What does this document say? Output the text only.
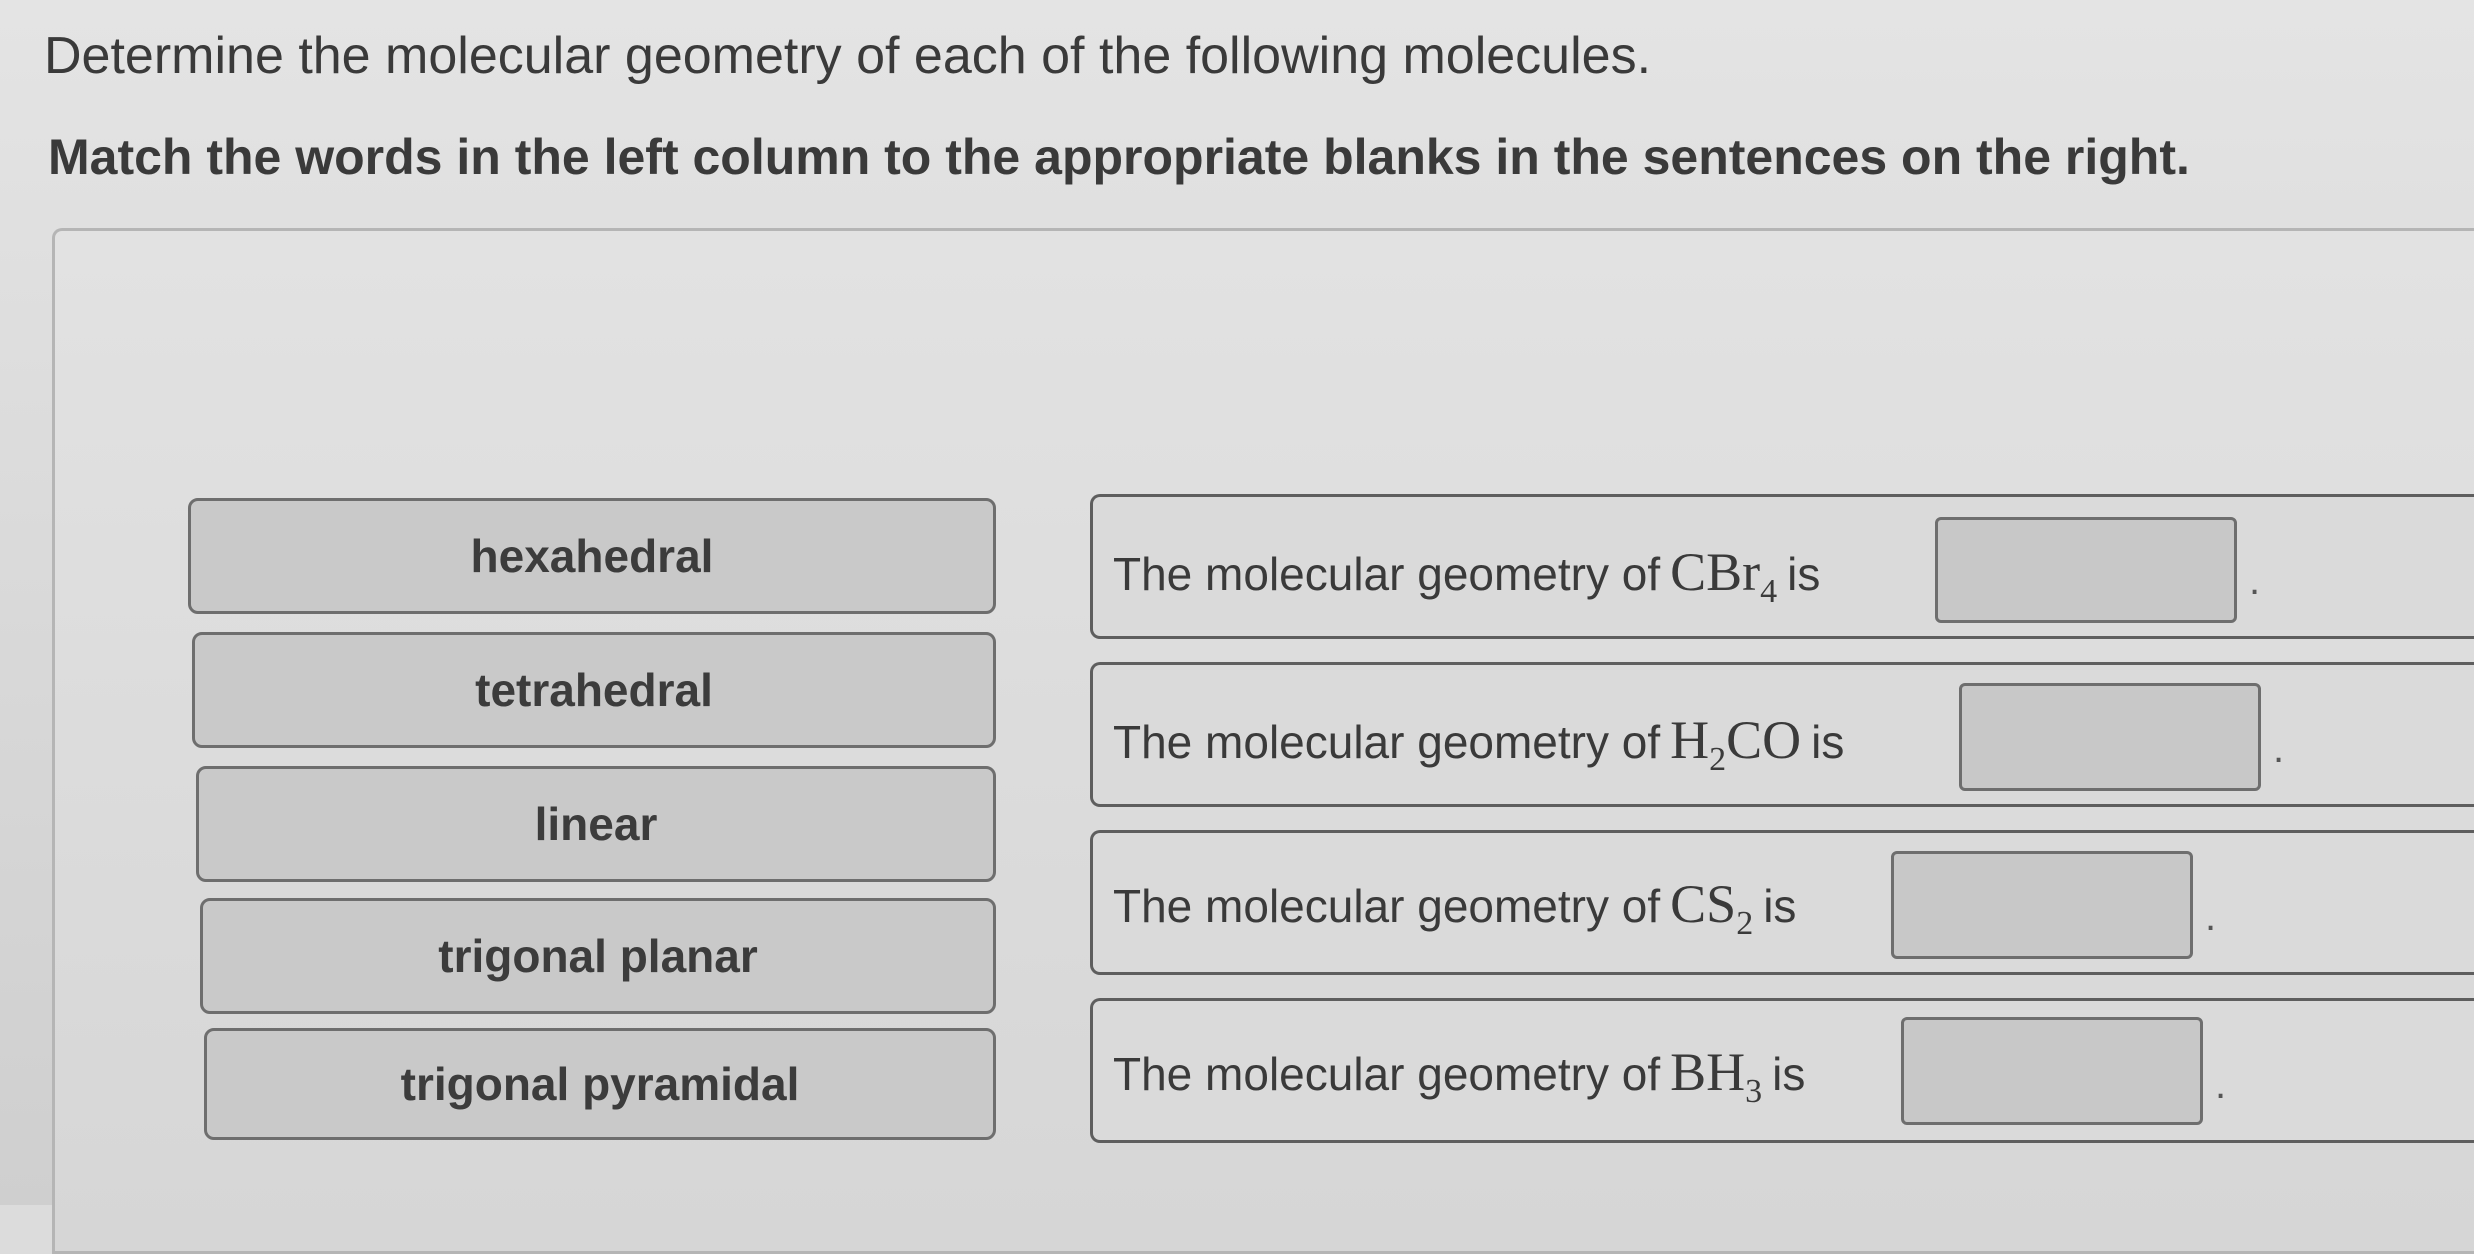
Determine the molecular geometry of each of the following molecules.
Match the words in the left column to the appropriate blanks in the sentences on the right.
hexahedral
tetrahedral
linear
trigonal planar
trigonal pyramidal
The molecular geometry of CBr$_4$ is	.
The molecular geometry of $H_2CO$ is	.
The molecular geometry of $CS_2$ is	.
The molecular geometry of $BH_3$ is	.
